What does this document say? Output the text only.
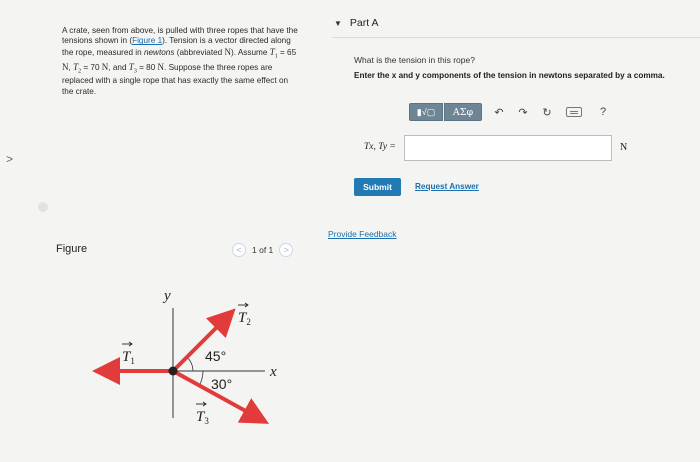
>
A crate, seen from above, is pulled with three ropes that have the tensions shown in (Figure 1). Tension is a vector directed along the rope, measured in newtons (abbreviated N). Assume $T_1 = 65$ N, $T_2 = 70$ N, and $T_3 = 80$ N. Suppose the three ropes are replaced with a single rope that has exactly the same effect on the crate.
Figure	<	1 of 1	>
y
x
45°
30°
$T_1$
$T_2$
$T_3$
▼ Part A
What is the tension in this rope?
Enter the x and y components of the tension in newtons separated by a comma.
▮√▢	ΑΣφ	↶ ↷ ↻	?
Tx, Ty =	N
Submit	Request Answer
Provide Feedback
